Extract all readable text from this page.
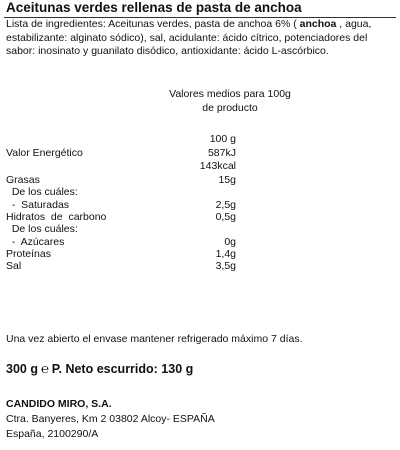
Aceitunas verdes rellenas de pasta de anchoa
Lista de ingredientes: Aceitunas verdes, pasta de anchoa 6% ( anchoa , agua, estabilizante: alginato sódico), sal, acidulante: ácido cítrico, potenciadores del sabor: inosinato y guanilato disódico, antioxidante: ácido L-ascórbico.
Valores medios para 100g
de producto
100 g
Valor Energético	587kJ
143kcal
Grasas	15g
De los cuáles:
-  Saturadas	2,5g
Hidratos  de  carbono	0,5g
De los cuáles:
-  Azúcares	0g
Proteínas	1,4g
Sal	3,5g
Una vez abierto el envase mantener refrigerado máximo 7 días.
300 g ℮ P. Neto escurrido: 130 g
CANDIDO MIRO, S.A.
Ctra. Banyeres, Km 2 03802 Alcoy- ESPAÑA
España, 2100290/A
